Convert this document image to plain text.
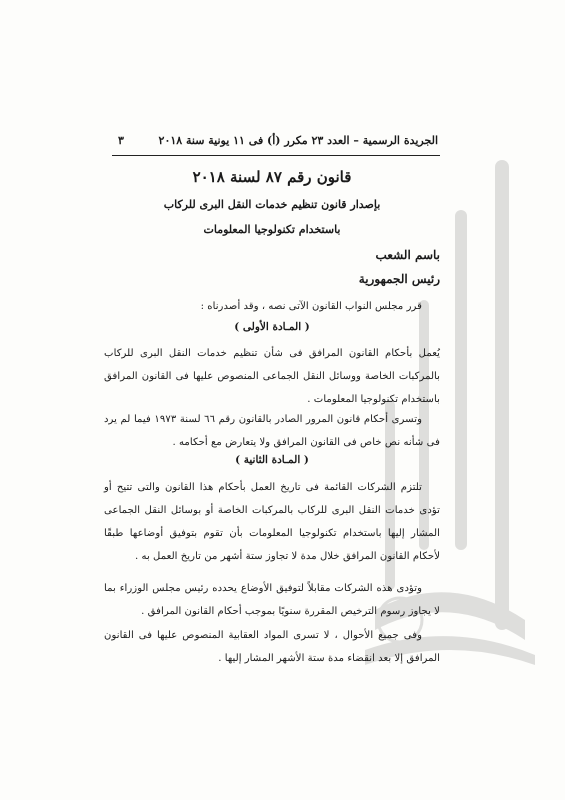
الجريدة الرسمية – العدد ٢٣ مكرر (أ) فى ١١ يونية سنة ٢٠١٨
٣
قانون رقم ٨٧ لسنة ٢٠١٨
بإصدار قانون تنظيم خدمات النقل البرى للركاب
باستخدام تكنولوجيا المعلومات
باسم الشعب
رئيس الجمهورية
قرر مجلس النواب القانون الآتى نصه ، وقد أصدرناه :
( المـادة الأولى )
يُعمل بأحكام القانون المرافق فى شأن تنظيم خدمات النقل البرى للركاب بالمركبات الخاصة ووسائل النقل الجماعى المنصوص عليها فى القانون المرافق باستخدام تكنولوجيا المعلومات .
وتسرى أحكام قانون المرور الصادر بالقانون رقم ٦٦ لسنة ١٩٧٣ فيما لم يرد فى شأنه نص خاص فى القانون المرافق ولا يتعارض مع أحكامه .
( المـادة الثانية )
تلتزم الشركات القائمة فى تاريخ العمل بأحكام هذا القانون والتى تتيح أو تؤدى خدمات النقل البرى للركاب بالمركبات الخاصة أو بوسائل النقل الجماعى المشار إليها باستخدام تكنولوجيا المعلومات بأن تقوم بتوفيق أوضاعها طبقًا لأحكام القانون المرافق خلال مدة لا تجاوز ستة أشهر من تاريخ العمل به .
وتؤدى هذه الشركات مقابلاً لتوفيق الأوضاع يحدده رئيس مجلس الوزراء بما لا يجاوز رسوم الترخيص المقررة سنويًا بموجب أحكام القانون المرافق .
وفى جميع الأحوال ، لا تسرى المواد العقابية المنصوص عليها فى القانون المرافق إلا بعد انقضاء مدة ستة الأشهر المشار إليها .
